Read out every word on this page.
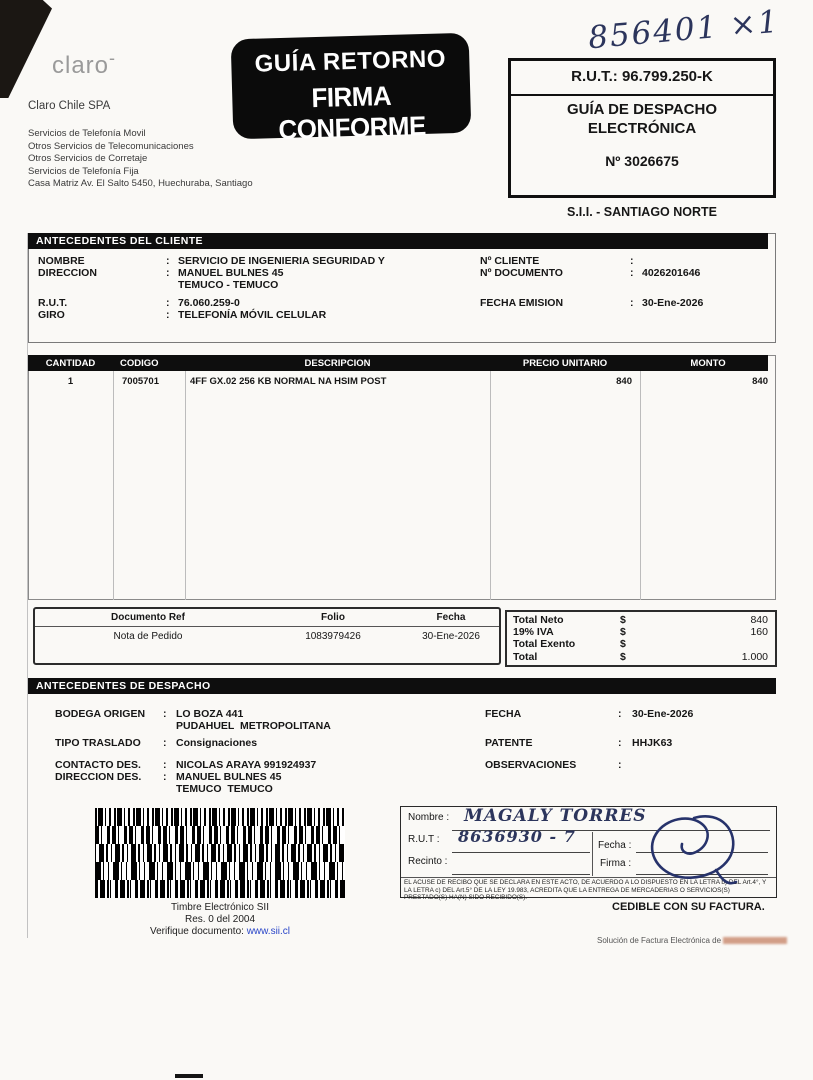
856401 ×1
claro-
Claro Chile SPA
Servicios de Telefonía Movil
Otros Servicios de Telecomunicaciones
Otros Servicios de Corretaje
Servicios de Telefonía Fija
Casa Matriz Av. El Salto 5450, Huechuraba, Santiago
GUÍA RETORNO
FIRMA CONFORME
R.U.T.: 96.799.250-K
GUÍA DE DESPACHO
ELECTRÓNICA
Nº 3026675
S.I.I. - SANTIAGO NORTE
ANTECEDENTES DEL CLIENTE
NOMBRE	: SERVICIO DE INGENIERIA SEGURIDAD Y
DIRECCION	: MANUEL BULNES 45
TEMUCO - TEMUCO
R.U.T.	: 76.060.259-0
GIRO	: TELEFONÍA MÓVIL CELULAR
Nº CLIENTE	:
Nº DOCUMENTO	: 4026201646
FECHA EMISION	: 30-Ene-2026
CANTIDAD	CODIGO	DESCRIPCION	PRECIO UNITARIO	MONTO
1	7005701	4FF GX.02 256 KB NORMAL NA HSIM POST	840	840
Documento Ref	Folio	Fecha
Nota de Pedido	1083979426	30-Ene-2026
Total Neto	$	840
19% IVA	$	160
Total Exento	$
Total	$	1.000
ANTECEDENTES DE DESPACHO
BODEGA ORIGEN : LO BOZA 441
PUDAHUEL  METROPOLITANA
TIPO TRASLADO : Consignaciones
CONTACTO DES. : NICOLAS ARAYA 991924937
DIRECCION DES. : MANUEL BULNES 45
TEMUCO  TEMUCO
FECHA	: 30-Ene-2026
PATENTE	: HHJK63
OBSERVACIONES	:
Timbre Electrónico SII
Res. 0 del 2004
Verifique documento: www.sii.cl
Nombre : MAGALY TORRES
R.U.T : 8636930 - 7 Fecha :
Recinto :	Firma :
EL ACUSE DE RECIBO QUE SE DECLARA EN ESTE ACTO, DE ACUERDO A LO DISPUESTO EN LA LETRA b) DEL Art.4°, Y LA LETRA c) DEL Art.5° DE LA LEY 19.983, ACREDITA QUE LA ENTREGA DE MERCADERIAS O SERVICIOS(S) PRESTADO(S) HA(N) SIDO RECIBIDO(S).
CEDIBLE CON SU FACTURA.
Solución de Factura Electrónica de
